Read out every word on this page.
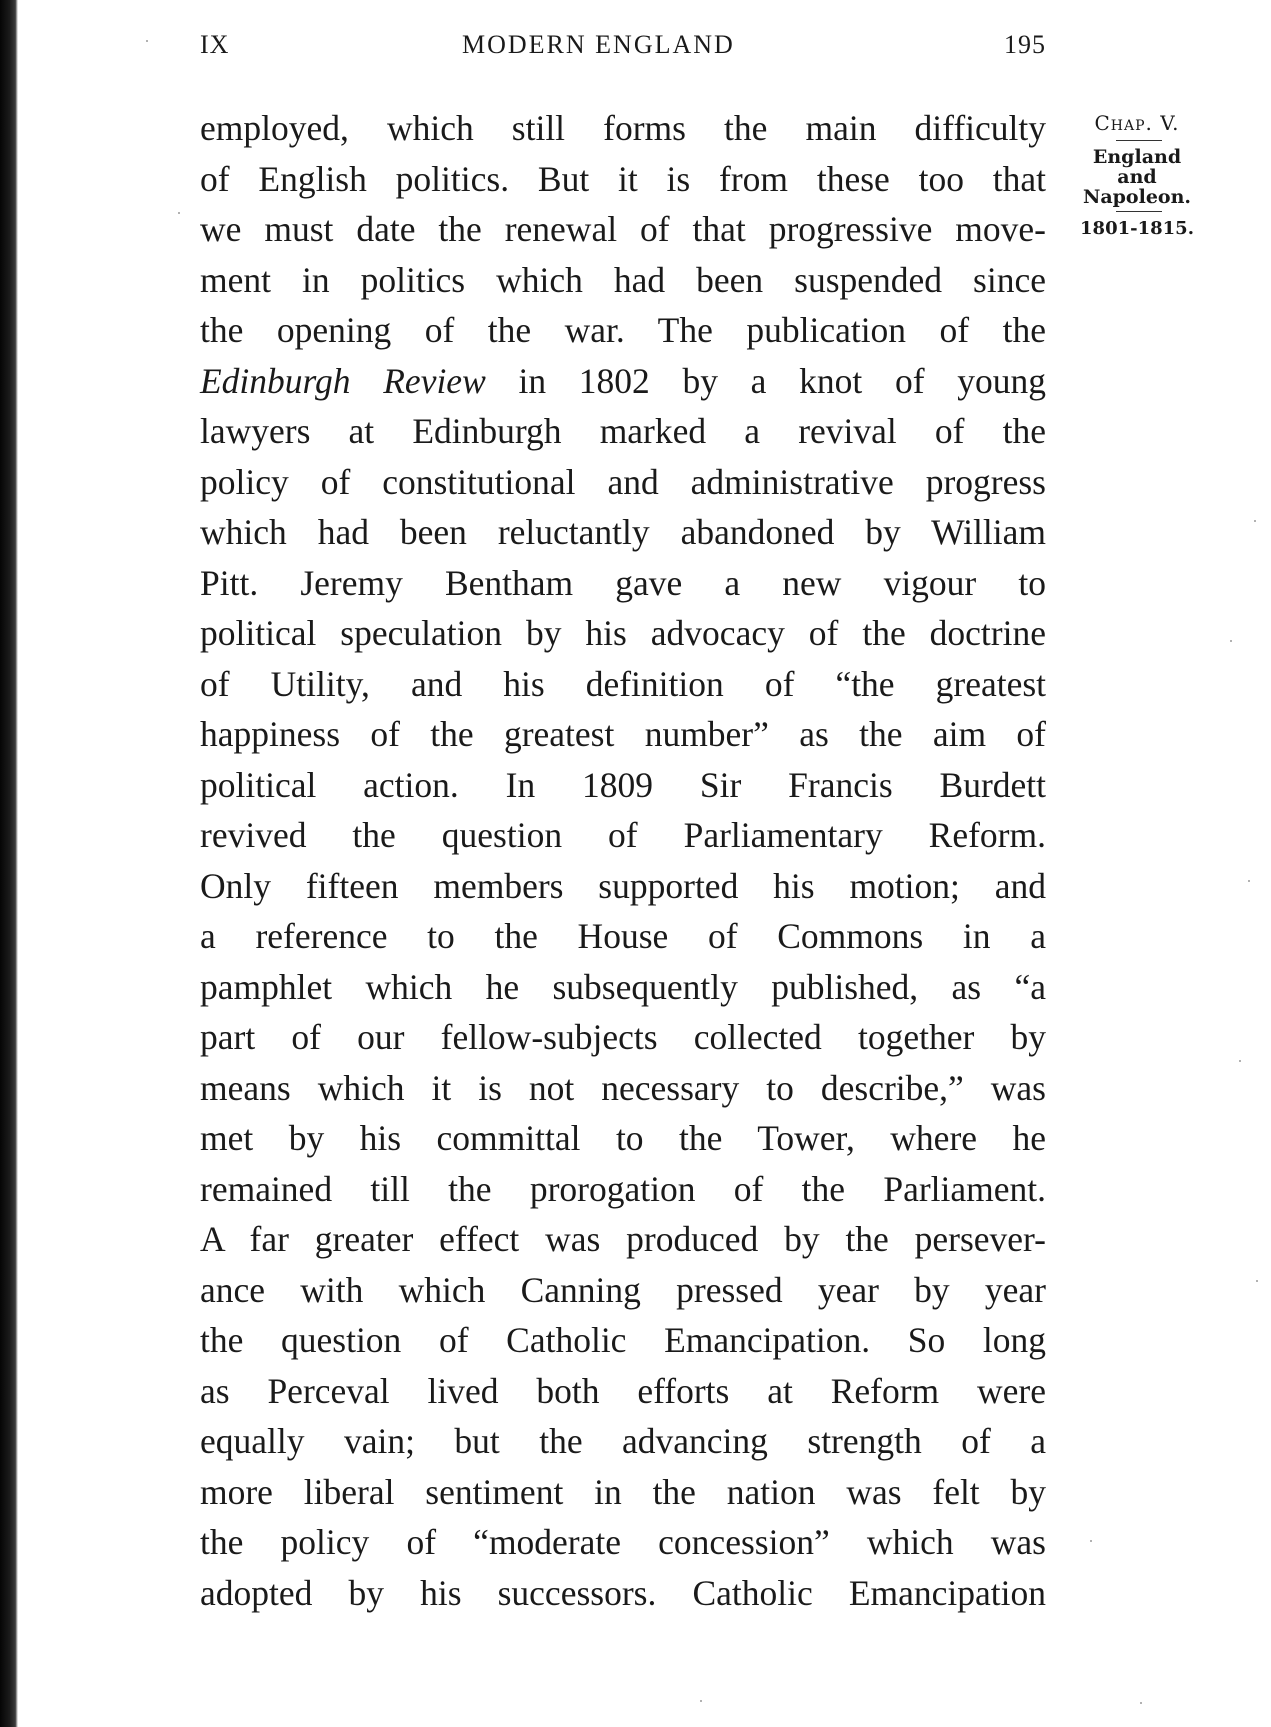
IX	MODERN ENGLAND	195
Chap. V.
England
and
Napoleon.
1801-1815.
employed, which still forms the main difficulty
of English politics. But it is from these too that
we must date the renewal of that progressive move-
ment in politics which had been suspended since
the opening of the war. The publication of the
Edinburgh Review in 1802 by a knot of young
lawyers at Edinburgh marked a revival of the
policy of constitutional and administrative progress
which had been reluctantly abandoned by William
Pitt. Jeremy Bentham gave a new vigour to
political speculation by his advocacy of the doctrine
of Utility, and his definition of “the greatest
happiness of the greatest number” as the aim of
political action. In 1809 Sir Francis Burdett
revived the question of Parliamentary Reform.
Only fifteen members supported his motion; and
a reference to the House of Commons in a
pamphlet which he subsequently published, as “a
part of our fellow-subjects collected together by
means which it is not necessary to describe,” was
met by his committal to the Tower, where he
remained till the prorogation of the Parliament.
A far greater effect was produced by the persever-
ance with which Canning pressed year by year
the question of Catholic Emancipation. So long
as Perceval lived both efforts at Reform were
equally vain; but the advancing strength of a
more liberal sentiment in the nation was felt by
the policy of “moderate concession” which was
adopted by his successors. Catholic Emancipation
